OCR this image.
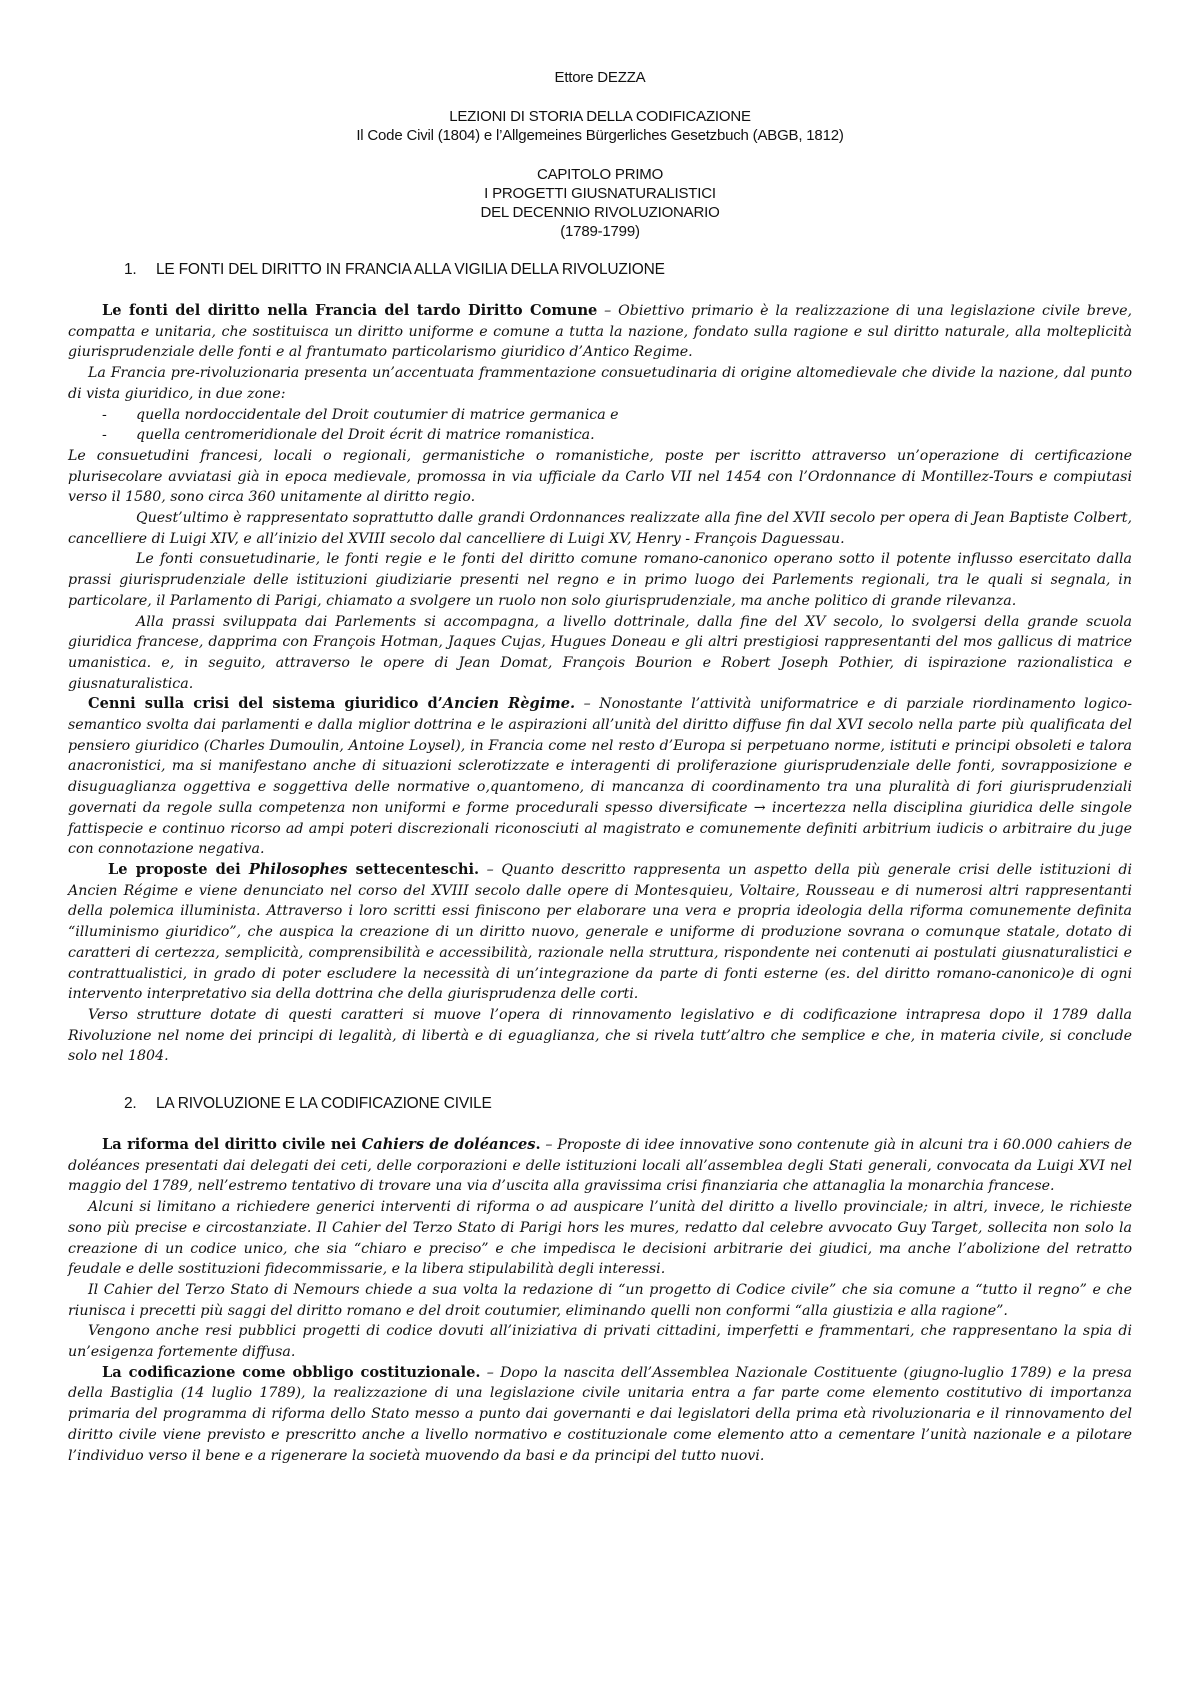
Ettore DEZZA
LEZIONI DI STORIA DELLA CODIFICAZIONE
Il Code Civil (1804) e l’Allgemeines Bürgerliches Gesetzbuch (ABGB, 1812)
CAPITOLO PRIMO
I PROGETTI GIUSNATURALISTICI
DEL DECENNIO RIVOLUZIONARIO
(1789-1799)
1. LE FONTI DEL DIRITTO IN FRANCIA ALLA VIGILIA DELLA RIVOLUZIONE

Le fonti del diritto nella Francia del tardo Diritto Comune – Obiettivo primario è la realizzazione di una legislazione civile breve, compatta e unitaria, che sostituisca un diritto uniforme e comune a tutta la nazione, fondato sulla ragione e sul diritto naturale, alla molteplicità giurisprudenziale delle fonti e al frantumato particolarismo giuridico d’Antico Regime.

La Francia pre-rivoluzionaria presenta un’accentuata frammentazione consuetudinaria di origine altomedievale che divide la nazione, dal punto di vista giuridico, in due zone:

- quella nordoccidentale del Droit coutumier di matrice germanica e
- quella centromeridionale del Droit écrit di matrice romanistica.

Le consuetudini francesi, locali o regionali, germanistiche o romanistiche, poste per iscritto attraverso un’operazione di certificazione plurisecolare avviatasi già in epoca medievale, promossa in via ufficiale da Carlo VII nel 1454 con l’Ordonnance di Montillez-Tours e compiutasi verso il 1580, sono circa 360 unitamente al diritto regio.

Quest’ultimo è rappresentato soprattutto dalle grandi Ordonnances realizzate alla fine del XVII secolo per opera di Jean Baptiste Colbert, cancelliere di Luigi XIV, e all’inizio del XVIII secolo dal cancelliere di Luigi XV, Henry - François Daguessau.

Le fonti consuetudinarie, le fonti regie e le fonti del diritto comune romano-canonico operano sotto il potente influsso esercitato dalla prassi giurisprudenziale delle istituzioni giudiziarie presenti nel regno e in primo luogo dei Parlements regionali, tra le quali si segnala, in particolare, il Parlamento di Parigi, chiamato a svolgere un ruolo non solo giurisprudenziale, ma anche politico di grande rilevanza.

Alla prassi sviluppata dai Parlements si accompagna, a livello dottrinale, dalla fine del XV secolo, lo svolgersi della grande scuola giuridica francese, dapprima con François Hotman, Jaques Cujas, Hugues Doneau e gli altri prestigiosi rappresentanti del mos gallicus di matrice umanistica. e, in seguito, attraverso le opere di Jean Domat, François Bourion e Robert Joseph Pothier, di ispirazione razionalistica e giusnaturalistica.

Cenni sulla crisi del sistema giuridico d’Ancien Règime. – Nonostante l’attività uniformatrice e di parziale riordinamento logico-semantico svolta dai parlamenti e dalla miglior dottrina e le aspirazioni all’unità del diritto diffuse fin dal XVI secolo nella parte più qualificata del pensiero giuridico (Charles Dumoulin, Antoine Loysel), in Francia come nel resto d’Europa si perpetuano norme, istituti e principi obsoleti e talora anacronistici, ma si manifestano anche di situazioni sclerotizzate e interagenti di proliferazione giurisprudenziale delle fonti, sovrapposizione e disuguaglianza oggettiva e soggettiva delle normative o,quantomeno, di mancanza di coordinamento tra una pluralità di fori giurisprudenziali governati da regole sulla competenza non uniformi e forme procedurali spesso diversificate → incertezza nella disciplina giuridica delle singole fattispecie e continuo ricorso ad ampi poteri discrezionali riconosciuti al magistrato e comunemente definiti arbitrium iudicis o arbitraire du juge con connotazione negativa.

Le proposte dei Philosophes settecenteschi. – Quanto descritto rappresenta un aspetto della più generale crisi delle istituzioni di Ancien Régime e viene denunciato nel corso del XVIII secolo dalle opere di Montesquieu, Voltaire, Rousseau e di numerosi altri rappresentanti della polemica illuminista. Attraverso i loro scritti essi finiscono per elaborare una vera e propria ideologia della riforma comunemente definita “illuminismo giuridico”, che auspica la creazione di un diritto nuovo, generale e uniforme di produzione sovrana o comunque statale, dotato di caratteri di certezza, semplicità, comprensibilità e accessibilità, razionale nella struttura, rispondente nei contenuti ai postulati giusnaturalistici e contrattualistici, in grado di poter escludere la necessità di un’integrazione da parte di fonti esterne (es. del diritto romano-canonico)e di ogni intervento interpretativo sia della dottrina che della giurisprudenza delle corti.

Verso strutture dotate di questi caratteri si muove l’opera di rinnovamento legislativo e di codificazione intrapresa dopo il 1789 dalla Rivoluzione nel nome dei principi di legalità, di libertà e di eguaglianza, che si rivela tutt’altro che semplice e che, in materia civile, si conclude solo nel 1804.

2. LA RIVOLUZIONE E LA CODIFICAZIONE CIVILE

La riforma del diritto civile nei Cahiers de doléances. – Proposte di idee innovative sono contenute già in alcuni tra i 60.000 cahiers de doléances presentati dai delegati dei ceti, delle corporazioni e delle istituzioni locali all’assemblea degli Stati generali, convocata da Luigi XVI nel maggio del 1789, nell’estremo tentativo di trovare una via d’uscita alla gravissima crisi finanziaria che attanaglia la monarchia francese.

Alcuni si limitano a richiedere generici interventi di riforma o ad auspicare l’unità del diritto a livello provinciale; in altri, invece, le richieste sono più precise e circostanziate. Il Cahier del Terzo Stato di Parigi hors les mures, redatto dal celebre avvocato Guy Target, sollecita non solo la creazione di un codice unico, che sia “chiaro e preciso” e che impedisca le decisioni arbitrarie dei giudici, ma anche l’abolizione del retratto feudale e delle sostituzioni fidecommissarie, e la libera stipulabilità degli interessi.

Il Cahier del Terzo Stato di Nemours chiede a sua volta la redazione di “un progetto di Codice civile” che sia comune a “tutto il regno” e che riunisca i precetti più saggi del diritto romano e del droit coutumier, eliminando quelli non conformi “alla giustizia e alla ragione”.

Vengono anche resi pubblici progetti di codice dovuti all’iniziativa di privati cittadini, imperfetti e frammentari, che rappresentano la spia di un’esigenza fortemente diffusa.

La codificazione come obbligo costituzionale. – Dopo la nascita dell’Assemblea Nazionale Costituente (giugno-luglio 1789) e la presa della Bastiglia (14 luglio 1789), la realizzazione di una legislazione civile unitaria entra a far parte come elemento costitutivo di importanza primaria del programma di riforma dello Stato messo a punto dai governanti e dai legislatori della prima età rivoluzionaria e il rinnovamento del diritto civile viene previsto e prescritto anche a livello normativo e costituzionale come elemento atto a cementare l’unità nazionale e a pilotare l’individuo verso il bene e a rigenerare la società muovendo da basi e da principi del tutto nuovi.
